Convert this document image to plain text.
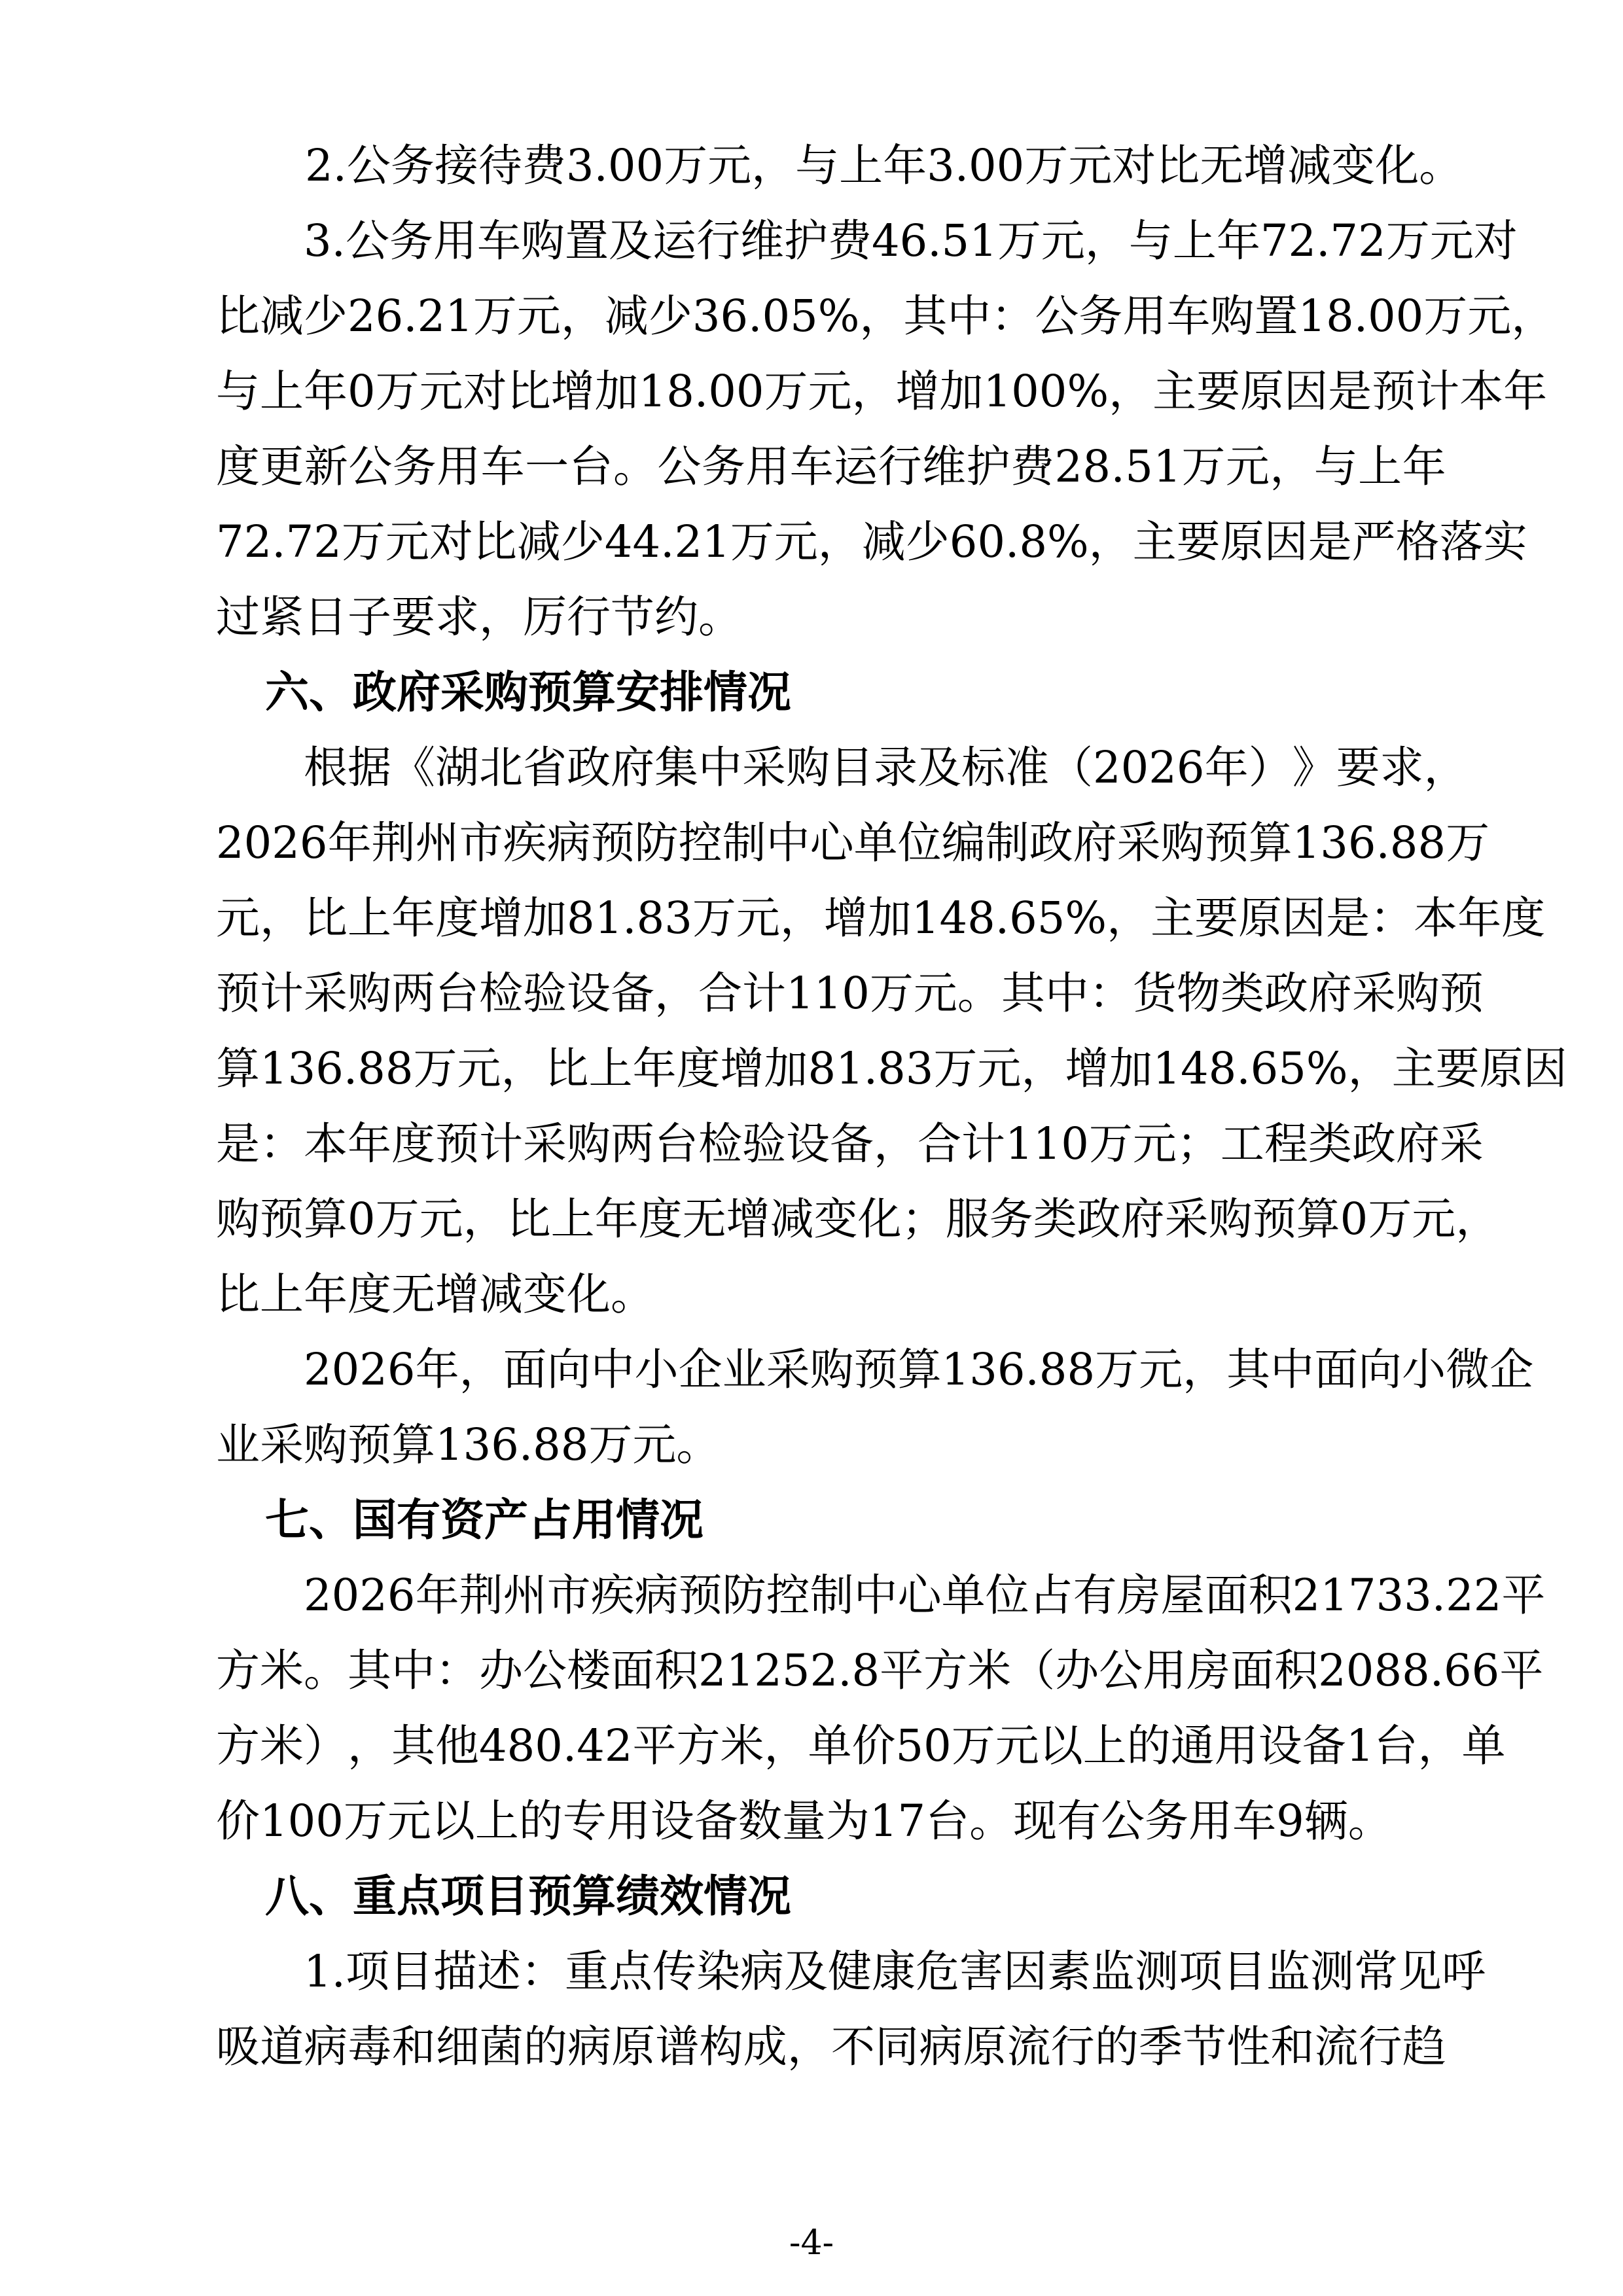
2.公务接待费3.00万元，与上年3.00万元对比无增减变化。

3 . 公 务 用 车 购 置 及 运 行 维 护 费 4 6 . 5 1 万 元 ， 与 上 年 7 2 . 7 2 万 元 对
比 减 少 2 6 . 2 1 万 元 ， 减 少 3 6 . 0 5 % ， 其 中 ： 公 务 用 车 购 置 1 8 . 0 0 万 元 ，
与 上 年 0 万 元 对 比 增 加 1 8 . 0 0 万 元 ， 增 加 1 0 0 % ， 主 要 原 因 是 预 计 本 年
度 更 新 公 务 用 车 一 台 。 公 务 用 车 运 行 维 护 费 2 8 . 5 1 万 元 ， 与 上 年
7 2 . 7 2 万 元 对 比 减 少 4 4 . 2 1 万 元 ， 减 少 6 0 . 8 % ， 主 要 原 因 是 严 格 落 实
过紧日子要求，厉行节约。
六、政府采购预算安排情况

根 据 《 湖 北 省 政 府 集 中 采 购 目 录 及 标 准 （ 2 0 2 6 年 ） 》 要 求 ，
2 0 2 6 年 荆 州 市 疾 病 预 防 控 制 中 心 单 位 编 制 政 府 采 购 预 算 1 3 6 . 8 8 万
元 ， 比 上 年 度 增 加 8 1 . 8 3 万 元 ， 增 加 1 4 8 . 6 5 % ， 主 要 原 因 是 ： 本 年 度
预 计 采 购 两 台 检 验 设 备 ， 合 计 1 1 0 万 元 。 其 中 ： 货 物 类 政 府 采 购 预
算 1 3 6 . 8 8 万 元 ， 比 上 年 度 增 加 8 1 . 8 3 万 元 ， 增 加 1 4 8 . 6 5 % ， 主 要 原 因
是 ： 本 年 度 预 计 采 购 两 台 检 验 设 备 ， 合 计 1 1 0 万 元 ； 工 程 类 政 府 采
购 预 算 0 万 元 ， 比 上 年 度 无 增 减 变 化 ； 服 务 类 政 府 采 购 预 算 0 万 元 ，
比上年度无增减变化。

2 0 2 6 年 ， 面 向 中 小 企 业 采 购 预 算 1 3 6 . 8 8 万 元 ， 其 中 面 向 小 微 企
业采购预算136.88万元。
七、国有资产占用情况

2 0 2 6 年 荆 州 市 疾 病 预 防 控 制 中 心 单 位 占 有 房 屋 面 积 2 1 7 3 3 . 2 2 平
方 米 。 其 中 ： 办 公 楼 面 积 2 1 2 5 2 . 8 平 方 米 （ 办 公 用 房 面 积 2 0 8 8 . 6 6 平
方 米 ） ， 其 他 4 8 0 . 4 2 平 方 米 ， 单 价 5 0 万 元 以 上 的 通 用 设 备 1 台 ， 单
价100万元以上的专用设备数量为17台。现有公务用车9辆。
八、重点项目预算绩效情况

1 . 项 目 描 述 ： 重 点 传 染 病 及 健 康 危 害 因 素 监 测 项 目 监 测 常 见 呼
吸 道 病 毒 和 细 菌 的 病 原 谱 构 成 ， 不 同 病 原 流 行 的 季 节 性 和 流 行 趋
-4-
